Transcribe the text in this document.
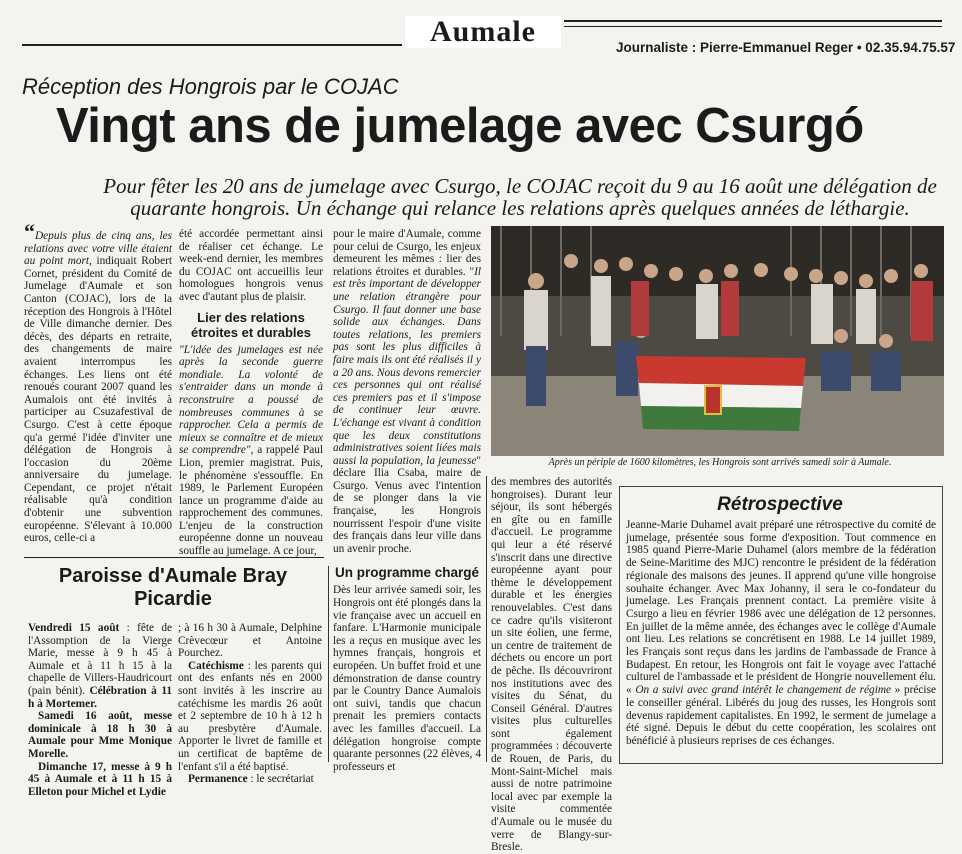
Aumale	Journaliste : Pierre-Emmanuel Reger • 02.35.94.75.57
Réception des Hongrois par le COJAC
Vingt ans de jumelage avec Csurgó
Pour fêter les 20 ans de jumelage avec Csurgo, le COJAC reçoit du 9 au 16 août une délégation de quarante hongrois. Un échange qui relance les relations après quelques années de léthargie.

“Depuis plus de cinq ans, les relations avec votre ville étaient au point mort, indiquait Robert Cornet, président du Comité de Jumelage d'Aumale et son Canton (COJAC), lors de la réception des Hongrois à l'Hôtel de Ville dimanche dernier. Des décès, des départs en retraite, des changements de maire avaient interrompus les échanges. Les liens ont été renoués courant 2007 quand les Aumalois ont été invités à participer au Csuzafestival de Csurgo. C'est à cette époque qu'a germé l'idée d'inviter une délégation de Hongrois à l'occasion du 20ème anniversaire du jumelage. Cependant, ce projet n'était réalisable qu'à condition d'obtenir une subvention européenne. S'élevant à 10.000 euros, celle-ci a

été accordée permettant ainsi de réaliser cet échange. Le week-end dernier, les membres du COJAC ont accueillis leur homologues hongrois venus avec d'autant plus de plaisir.

Lier des relations étroites et durables

"L'idée des jumelages est née après la seconde guerre mondiale. La volonté de s'entraider dans un monde à reconstruire a poussé de nombreuses communes à se rapprocher. Cela a permis de mieux se connaître et de mieux se comprendre", a rappelé Paul Lion, premier magistrat. Puis, le phénomène s'essouffle. En 1989, le Parlement Européen lance un programme d'aide au rapprochement des communes. L'enjeu de la construction européenne donne un nouveau souffle au jumelage. A ce jour,

pour le maire d'Aumale, comme pour celui de Csurgo, les enjeux demeurent les mêmes : lier des relations étroites et durables. "Il est très important de développer une relation étrangère pour Csurgo. Il faut donner une base solide aux échanges. Dans toutes relations, les premiers pas sont les plus difficiles à faire mais ils ont été réalisés il y a 20 ans. Nous devons remercier ces personnes qui ont réalisé ces premiers pas et il s'impose de continuer leur œuvre. L'échange est vivant à condition que les deux constitutions administratives soient liées mais aussi la population, la jeunesse" déclare Ilia Csaba, maire de Csurgo. Venus avec l'intention de se plonger dans la vie française, les Hongrois nourrissent l'espoir d'une visite des français dans leur ville dans un avenir proche.

Un programme chargé

Dès leur arrivée samedi soir, les Hongrois ont été plongés dans la vie française avec un accueil en fanfare. L'Harmonie municipale les a reçus en musique avec les hymnes français, hongrois et européen. Un buffet froid et une démonstration de danse country par le Country Dance Aumalois ont suivi, tandis que chacun prenait les premiers contacts avec les familles d'accueil. La délégation hongroise compte quarante personnes (22 élèves, 4 professeurs et

Après un périple de 1600 kilomètres, les Hongrois sont arrivés samedi soir à Aumale.

des membres des autorités hongroises). Durant leur séjour, ils sont hébergés en gîte ou en famille d'accueil. Le programme qui leur a été réservé s'inscrit dans une directive européenne ayant pour thème le développement durable et les énergies renouvelables. C'est dans ce cadre qu'ils visiteront un site éolien, une ferme, un centre de traitement de déchets ou encore un port de pêche. Ils découvriront nos institutions avec des visites du Sénat, du Conseil Général. D'autres visites plus culturelles sont également programmées : découverte de Rouen, de Paris, du Mont-Saint-Michel mais aussi de notre patrimoine local avec par exemple la visite commentée d'Aumale ou le musée du verre de Blangy-sur-Bresle.

Rétrospective

Jeanne-Marie Duhamel avait préparé une rétrospective du comité de jumelage, présentée sous forme d'exposition. Tout commence en 1985 quand Pierre-Marie Duhamel (alors membre de la fédération de Seine-Maritime des MJC) rencontre le président de la fédération régionale des maisons des jeunes. Il apprend qu'une ville hongroise souhaite échanger. Avec Max Johanny, il sera le co-fondateur du jumelage. Les Français prennent contact. La première visite à Csurgo a lieu en février 1986 avec une délégation de 12 personnes. En juillet de la même année, des échanges avec le collège d'Aumale ont lieu. Les relations se concrétisent en 1988. Le 14 juillet 1989, les Français sont reçus dans les jardins de l'ambassade de France à Budapest. En retour, les Hongrois ont fait le voyage avec l'attaché culturel de l'ambassade et le président de Hongrie nouvellement élu. « On a suivi avec grand intérêt le changement de régime » précise le conseiller général. Libérés du joug des russes, les Hongrois sont devenus rapidement capitalistes. En 1992, le serment de jumelage a été signé. Depuis le début du cette coopération, les scolaires ont bénéficié à plusieurs reprises de ces échanges.

Paroisse d'Aumale Bray Picardie

Vendredi 15 août : fête de l'Assomption de la Vierge Marie, messe à 9 h 45 à Aumale et à 11 h 15 à la chapelle de Villers-Haudricourt (pain bénit). Célébration à 11 h à Mortemer.

Samedi 16 août, messe dominicale à 18 h 30 à Aumale pour Mme Monique Morelle.

Dimanche 17, messe à 9 h 45 à Aumale et à 11 h 15 à Elleton pour Michel et Lydie

; à 16 h 30 à Aumale, Delphine Crèvecœur et Antoine Pourchez.

Catéchisme : les parents qui ont des enfants nés en 2000 sont invités à les inscrire au catéchisme les mardis 26 août et 2 septembre de 10 h à 12 h au presbytère d'Aumale. Apporter le livret de famille et un certificat de baptême de l'enfant s'il a été baptisé.

Permanence : le secrétariat
